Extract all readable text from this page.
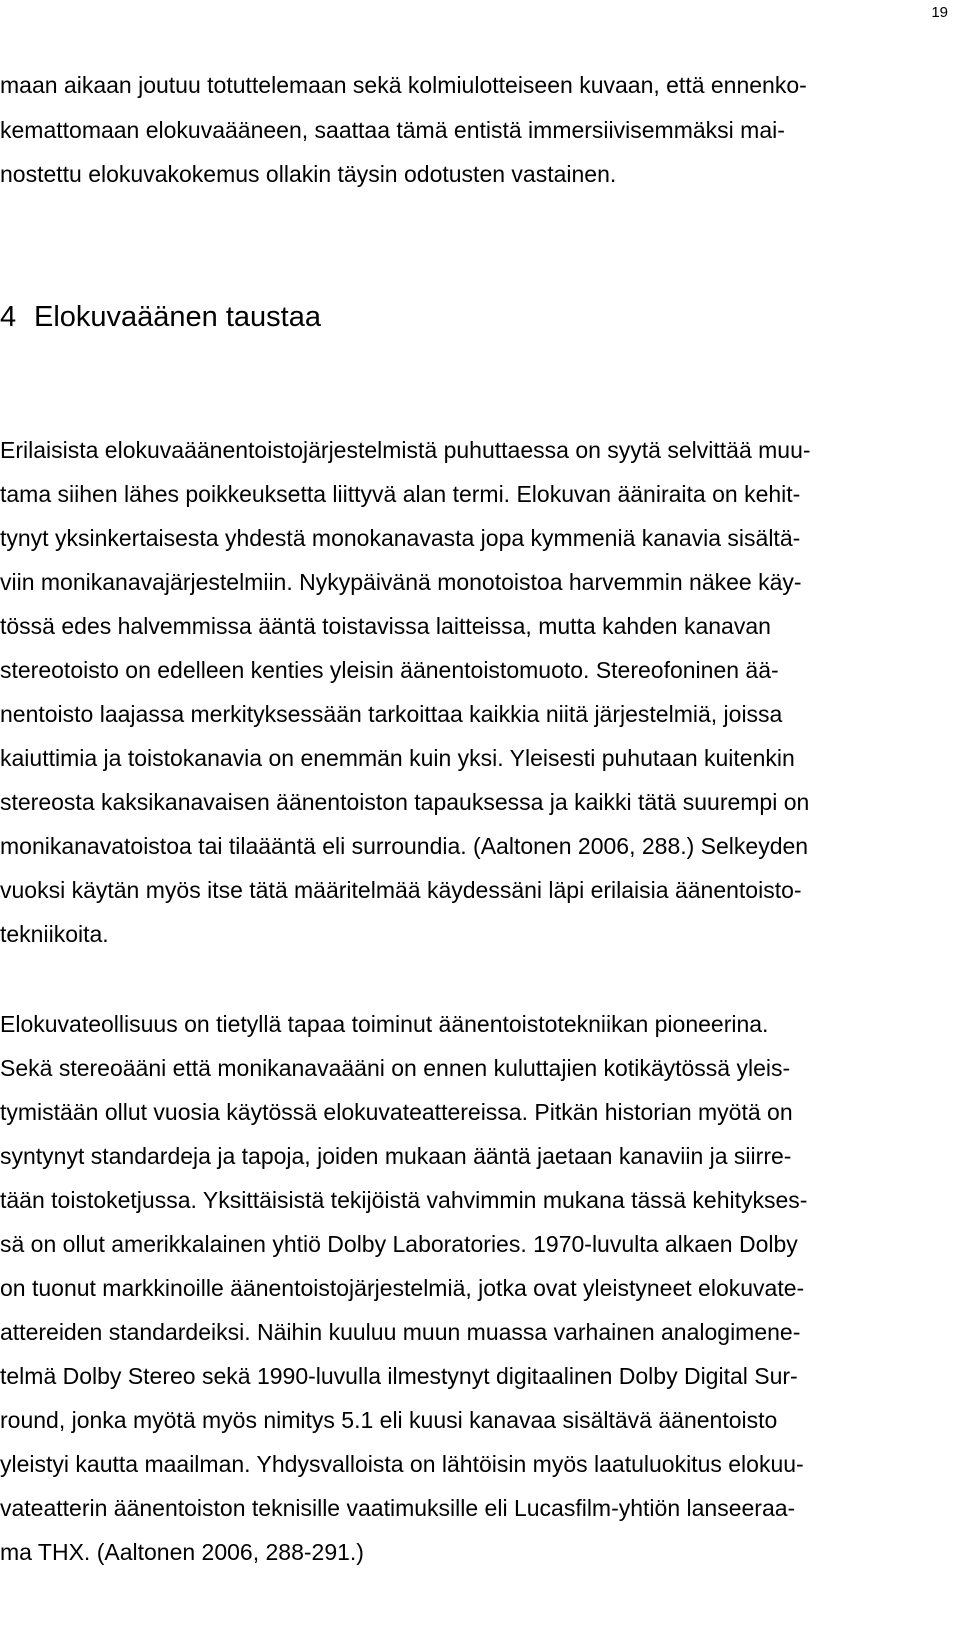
19
maan aikaan joutuu totuttelemaan sekä kolmiulotteiseen kuvaan, että ennenko-
kemattomaan elokuvaääneen, saattaa tämä entistä immersiivisemmäksi mai-
nostettu elokuvakokemus ollakin täysin odotusten vastainen.
4 Elokuvaäänen taustaa
Erilaisista elokuvaäänentoistojärjestelmistä puhuttaessa on syytä selvittää muu-
tama siihen lähes poikkeuksetta liittyvä alan termi. Elokuvan ääniraita on kehit-
tynyt yksinkertaisesta yhdestä monokanavasta jopa kymmeniä kanavia sisältä-
viin monikanavajärjestelmiin. Nykypäivänä monotoistoa harvemmin näkee käy-
tössä edes halvemmissa ääntä toistavissa laitteissa, mutta kahden kanavan
stereotoisto on edelleen kenties yleisin äänentoistomuoto. Stereofoninen ää-
nentoisto laajassa merkityksessään tarkoittaa kaikkia niitä järjestelmiä, joissa
kaiuttimia ja toistokanavia on enemmän kuin yksi. Yleisesti puhutaan kuitenkin
stereosta kaksikanavaisen äänentoiston tapauksessa ja kaikki tätä suurempi on
monikanavatoistoa tai tilaääntä eli surroundia. (Aaltonen 2006, 288.) Selkeyden
vuoksi käytän myös itse tätä määritelmää käydessäni läpi erilaisia äänentoisto-
tekniikoita.
Elokuvateollisuus on tietyllä tapaa toiminut äänentoistotekniikan pioneerina.
Sekä stereoääni että monikanavaääni on ennen kuluttajien kotikäytössä yleis-
tymistään ollut vuosia käytössä elokuvateattereissa. Pitkän historian myötä on
syntynyt standardeja ja tapoja, joiden mukaan ääntä jaetaan kanaviin ja siirre-
tään toistoketjussa. Yksittäisistä tekijöistä vahvimmin mukana tässä kehitykses-
sä on ollut amerikkalainen yhtiö Dolby Laboratories. 1970-luvulta alkaen Dolby
on tuonut markkinoille äänentoistojärjestelmiä, jotka ovat yleistyneet elokuvate-
attereiden standardeiksi. Näihin kuuluu muun muassa varhainen analogimene-
telmä Dolby Stereo sekä 1990-luvulla ilmestynyt digitaalinen Dolby Digital Sur-
round, jonka myötä myös nimitys 5.1 eli kuusi kanavaa sisältävä äänentoisto
yleistyi kautta maailman. Yhdysvalloista on lähtöisin myös laatuluokitus elokuu-
vateatterin äänentoiston teknisille vaatimuksille eli Lucasfilm-yhtiön lanseeraa-
ma THX. (Aaltonen 2006, 288-291.)
